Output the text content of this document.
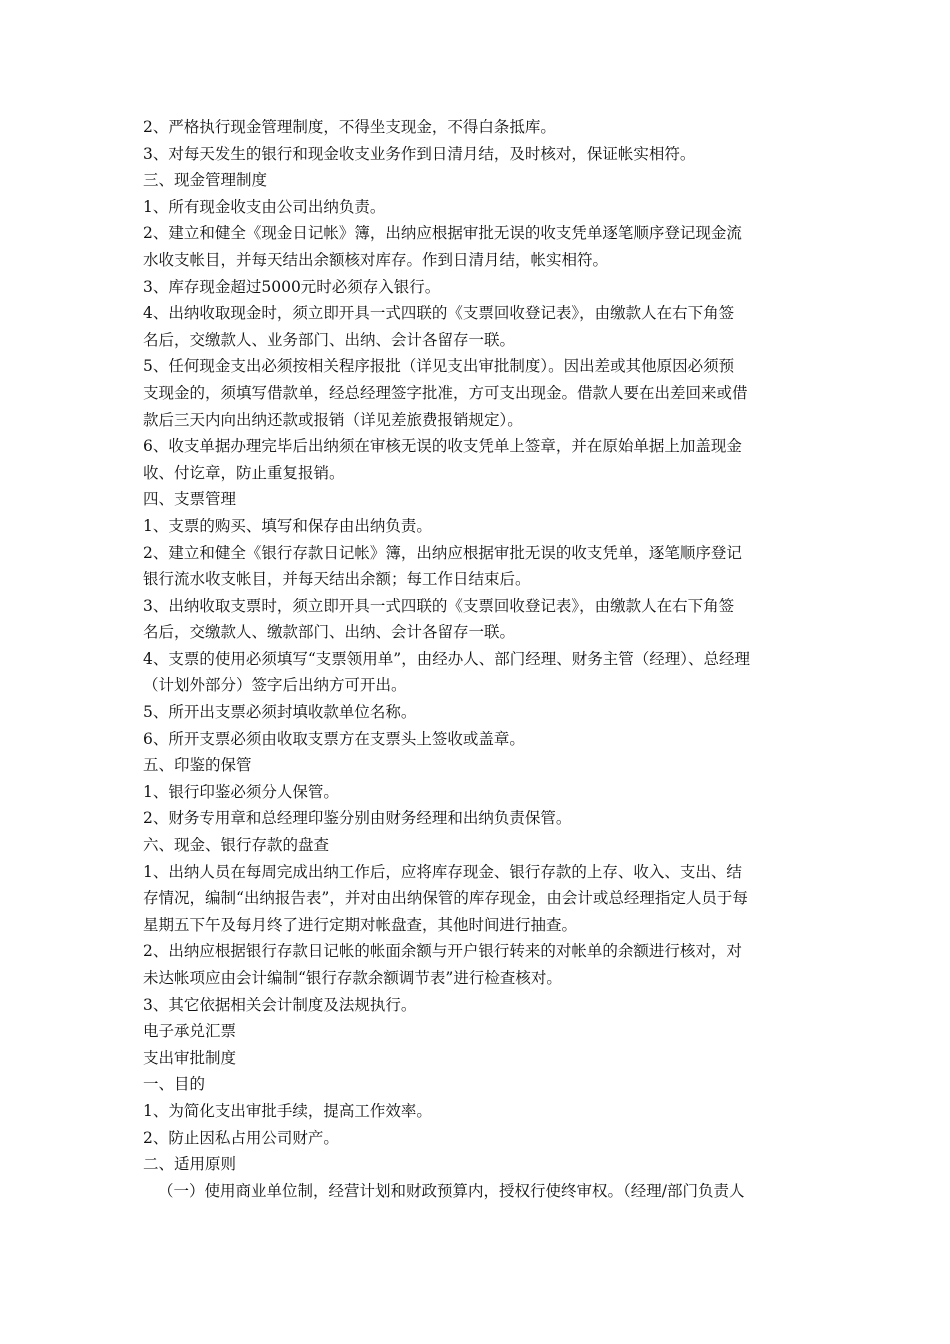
2、严格执行现金管理制度，不得坐支现金，不得白条抵库。
3、对每天发生的银行和现金收支业务作到日清月结，及时核对，保证帐实相符。
三、现金管理制度
1、所有现金收支由公司出纳负责。
2、建立和健全《现金日记帐》簿，出纳应根据审批无误的收支凭单逐笔顺序登记现金流
水收支帐目，并每天结出余额核对库存。作到日清月结，帐实相符。
3、库存现金超过5000元时必须存入银行。
4、出纳收取现金时，须立即开具一式四联的《支票回收登记表》，由缴款人在右下角签
名后，交缴款人、业务部门、出纳、会计各留存一联。
5、任何现金支出必须按相关程序报批（详见支出审批制度）。因出差或其他原因必须预
支现金的，须填写借款单，经总经理签字批准，方可支出现金。借款人要在出差回来或借
款后三天内向出纳还款或报销（详见差旅费报销规定）。
6、收支单据办理完毕后出纳须在审核无误的收支凭单上签章，并在原始单据上加盖现金
收、付讫章，防止重复报销。
四、支票管理
1、支票的购买、填写和保存由出纳负责。
2、建立和健全《银行存款日记帐》簿，出纳应根据审批无误的收支凭单，逐笔顺序登记
银行流水收支帐目，并每天结出余额；每工作日结束后。
3、出纳收取支票时，须立即开具一式四联的《支票回收登记表》，由缴款人在右下角签
名后，交缴款人、缴款部门、出纳、会计各留存一联。
4、支票的使用必须填写“支票领用单”，由经办人、部门经理、财务主管（经理）、总经理
（计划外部分）签字后出纳方可开出。
5、所开出支票必须封填收款单位名称。
6、所开支票必须由收取支票方在支票头上签收或盖章。
五、印鉴的保管
1、银行印鉴必须分人保管。
2、财务专用章和总经理印鉴分别由财务经理和出纳负责保管。
六、现金、银行存款的盘查
1、出纳人员在每周完成出纳工作后，应将库存现金、银行存款的上存、收入、支出、结
存情况，编制“出纳报告表”，并对由出纳保管的库存现金，由会计或总经理指定人员于每
星期五下午及每月终了进行定期对帐盘查，其他时间进行抽查。
2、出纳应根据银行存款日记帐的帐面余额与开户银行转来的对帐单的余额进行核对，对
未达帐项应由会计编制“银行存款余额调节表”进行检查核对。
3、其它依据相关会计制度及法规执行。
电子承兑汇票
支出审批制度
一、目的
1、为简化支出审批手续，提高工作效率。
2、防止因私占用公司财产。
二、适用原则
（一）使用商业单位制，经营计划和财政预算内，授权行使终审权。（经理/部门负责人
